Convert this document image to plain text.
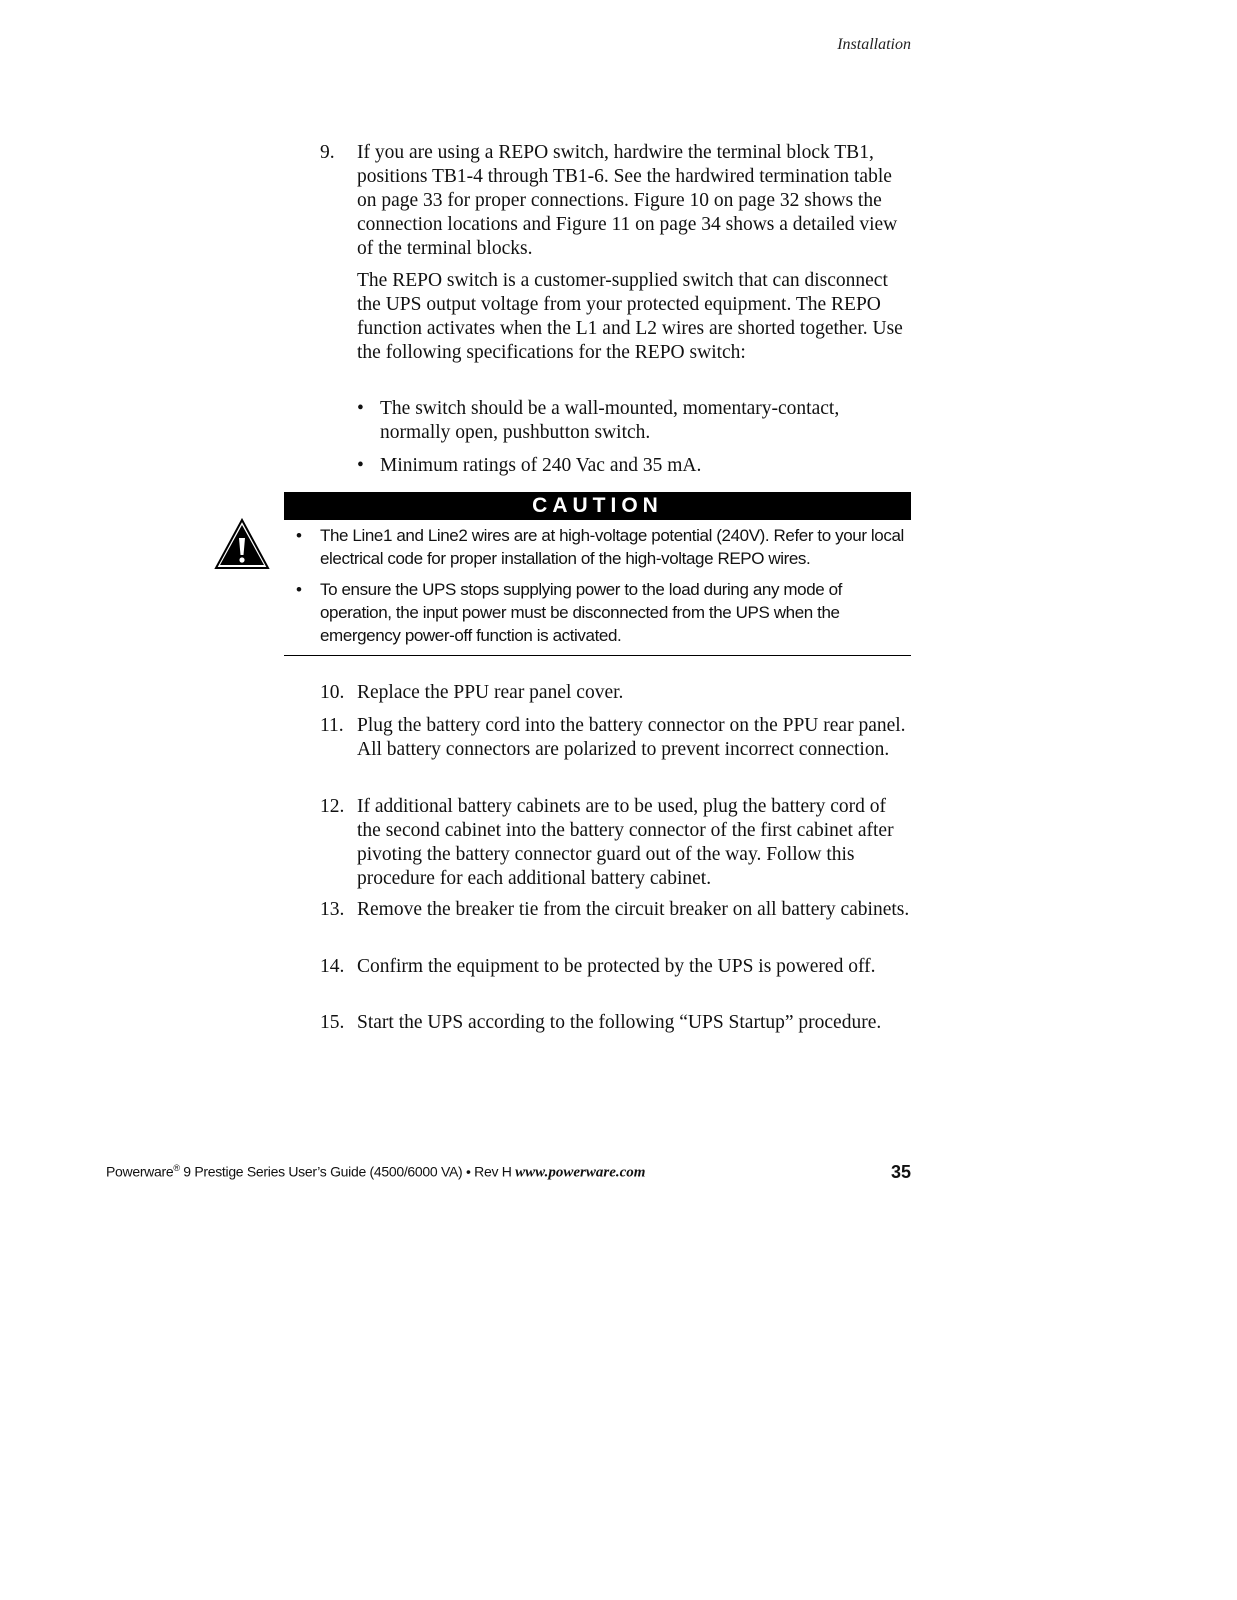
Installation
9.	If you are using a REPO switch, hardwire the terminal block TB1, positions TB1-4 through TB1-6. See the hardwired termination table on page 33 for proper connections. Figure 10 on page 32 shows the connection locations and Figure 11 on page 34 shows a detailed view of the terminal blocks.
The REPO switch is a customer-supplied switch that can disconnect the UPS output voltage from your protected equipment. The REPO function activates when the L1 and L2 wires are shorted together. Use the following specifications for the REPO switch:
• The switch should be a wall-mounted, momentary-contact, normally open, pushbutton switch.
• Minimum ratings of 240 Vac and 35 mA.
CAUTION
• The Line1 and Line2 wires are at high-voltage potential (240V). Refer to your local electrical code for proper installation of the high-voltage REPO wires.
• To ensure the UPS stops supplying power to the load during any mode of operation, the input power must be disconnected from the UPS when the emergency power-off function is activated.
10. Replace the PPU rear panel cover.
11. Plug the battery cord into the battery connector on the PPU rear panel. All battery connectors are polarized to prevent incorrect connection.
12. If additional battery cabinets are to be used, plug the battery cord of the second cabinet into the battery connector of the first cabinet after pivoting the battery connector guard out of the way. Follow this procedure for each additional battery cabinet.
13. Remove the breaker tie from the circuit breaker on all battery cabinets.
14. Confirm the equipment to be protected by the UPS is powered off.
15. Start the UPS according to the following “UPS Startup” procedure.
Powerware® 9 Prestige Series User’s Guide (4500/6000 VA) • Rev H www.powerware.com	35
